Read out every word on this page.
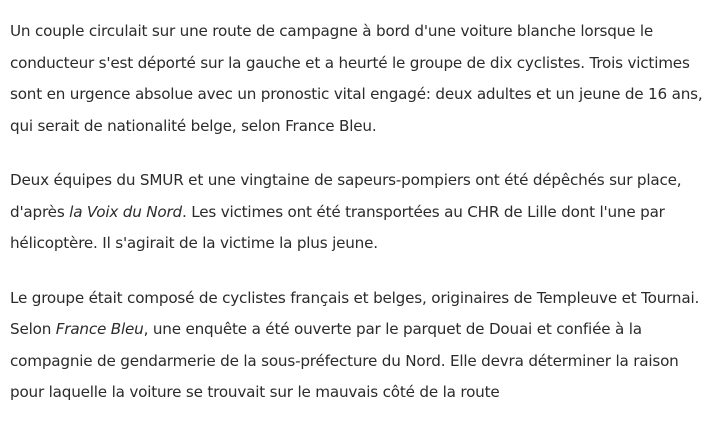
Un couple circulait sur une route de campagne à bord d'une voiture blanche lorsque le conducteur s'est déporté sur la gauche et a heurté le groupe de dix cyclistes. Trois victimes sont en urgence absolue avec un pronostic vital engagé: deux adultes et un jeune de 16 ans, qui serait de nationalité belge, selon France Bleu.

Deux équipes du SMUR et une vingtaine de sapeurs-pompiers ont été dépêchés sur place, d'après la Voix du Nord. Les victimes ont été transportées au CHR de Lille dont l'une par hélicoptère. Il s'agirait de la victime la plus jeune.

Le groupe était composé de cyclistes français et belges, originaires de Templeuve et Tournai. Selon France Bleu, une enquête a été ouverte par le parquet de Douai et confiée à la compagnie de gendarmerie de la sous-préfecture du Nord. Elle devra déterminer la raison pour laquelle la voiture se trouvait sur le mauvais côté de la route
